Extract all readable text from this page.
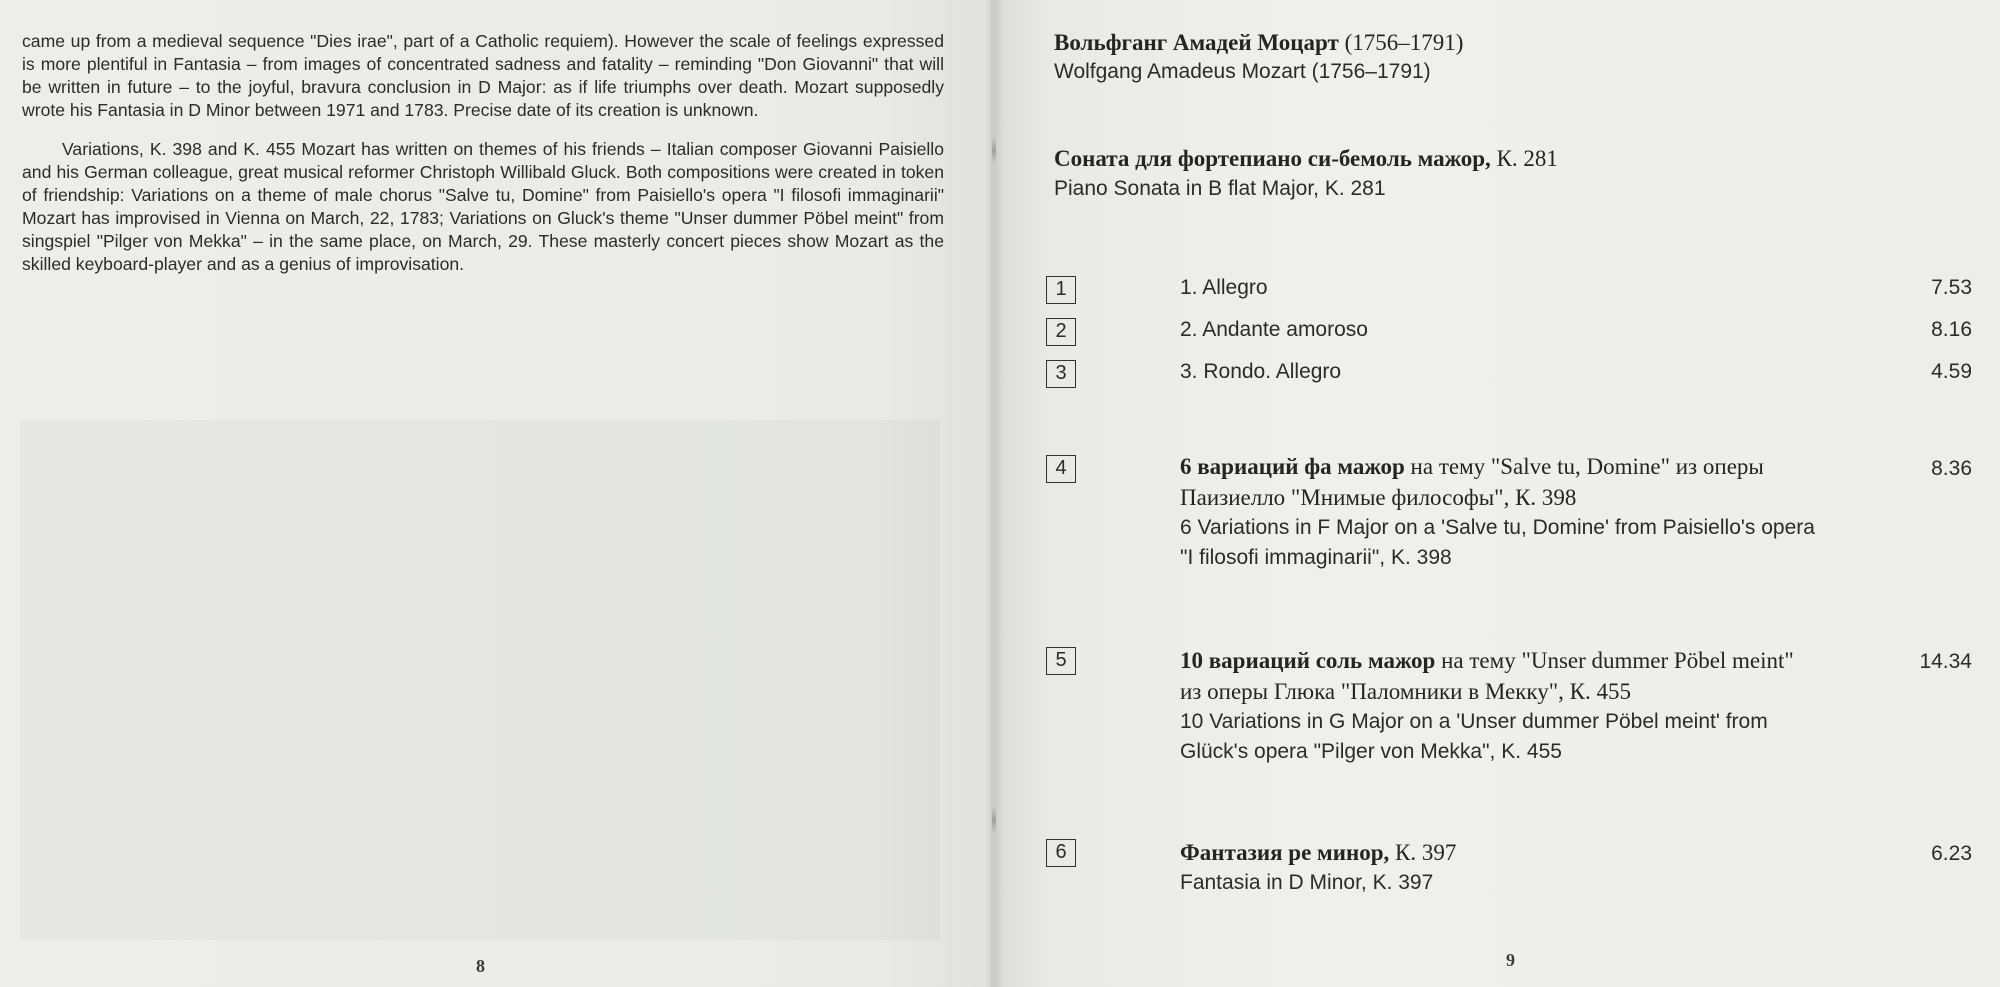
came up from a medieval sequence "Dies irae", part of a Catholic requiem). However the scale of feelings expressed is more plentiful in Fantasia – from images of concentrated sadness and fatality – reminding "Don Giovanni" that will be written in future – to the joyful, bravura conclusion in D Major: as if life triumphs over death. Mozart supposedly wrote his Fantasia in D Minor between 1971 and 1783. Precise date of its creation is unknown.

Variations, K. 398 and K. 455 Mozart has written on themes of his friends – Italian composer Giovanni Paisiello and his German colleague, great musical reformer Christoph Willibald Gluck. Both compositions were created in token of friendship: Variations on a theme of male chorus "Salve tu, Domine" from Paisiello's opera "I filosofi immaginarii" Mozart has improvised in Vienna on March, 22, 1783; Variations on Gluck's theme "Unser dummer Pöbel meint" from singspiel "Pilger von Mekka" – in the same place, on March, 29. These masterly concert pieces show Mozart as the skilled keyboard-player and as a genius of improvisation.

8
Вольфганг Амадей Моцарт (1756–1791)
Wolfgang Amadeus Mozart (1756–1791)
Соната для фортепиано си-бемоль мажор, К. 281
Piano Sonata in B flat Major, K. 281
1	1. Allegro	7.53
2	2. Andante amoroso	8.16
3	3. Rondo. Allegro	4.59
4	6 вариаций фа мажор на тему "Salve tu, Domine" из оперы Паизиелло "Мнимые философы", К. 398
6 Variations in F Major on a 'Salve tu, Domine' from Paisiello's opera "I filosofi immaginarii", K. 398
8.36
5	10 вариаций соль мажор на тему "Unser dummer Pöbel meint" из оперы Глюка "Паломники в Мекку", К. 455
10 Variations in G Major on a 'Unser dummer Pöbel meint' from Glück's opera "Pilger von Mekka", K. 455
14.34
6	Фантазия ре минор, К. 397
Fantasia in D Minor, K. 397
6.23
9
